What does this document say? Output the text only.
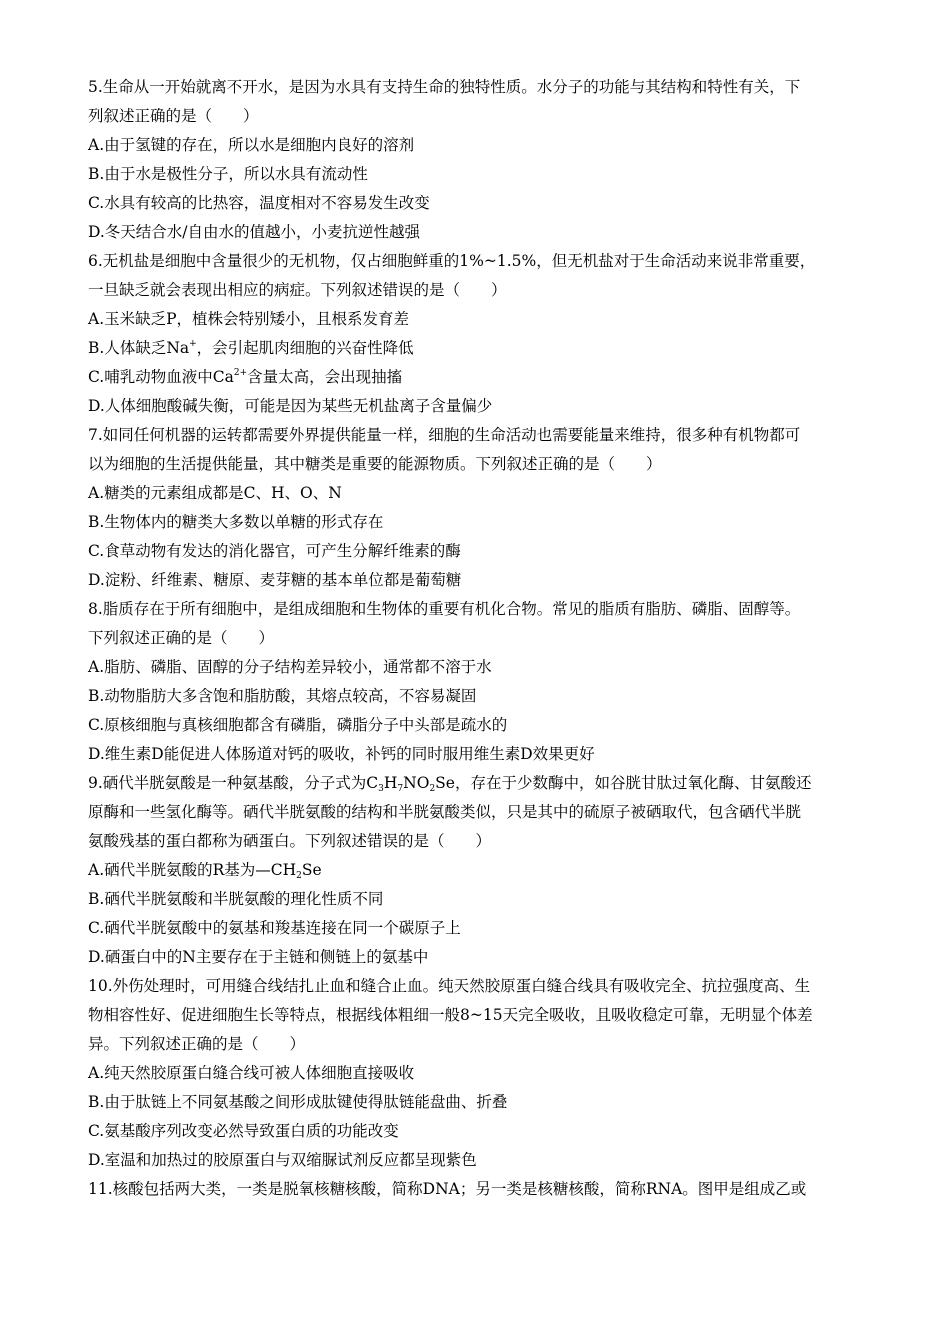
5.生命从一开始就离不开水，是因为水具有支持生命的独特性质。水分子的功能与其结构和特性有关，下
列叙述正确的是（　　）
A.由于氢键的存在，所以水是细胞内良好的溶剂
B.由于水是极性分子，所以水具有流动性
C.水具有较高的比热容，温度相对不容易发生改变
D.冬天结合水/自由水的值越小，小麦抗逆性越强
6.无机盐是细胞中含量很少的无机物，仅占细胞鲜重的1%~1.5%，但无机盐对于生命活动来说非常重要，
一旦缺乏就会表现出相应的病症。下列叙述错误的是（　　）
A.玉米缺乏P，植株会特别矮小，且根系发育差
B.人体缺乏Na+，会引起肌肉细胞的兴奋性降低
C.哺乳动物血液中$Ca^{2+}$含量太高，会出现抽搐
D.人体细胞酸碱失衡，可能是因为某些无机盐离子含量偏少
7.如同任何机器的运转都需要外界提供能量一样，细胞的生命活动也需要能量来维持，很多种有机物都可
以为细胞的生活提供能量，其中糖类是重要的能源物质。下列叙述正确的是（　　）
A.糖类的元素组成都是C、H、O、N
B.生物体内的糖类大多数以单糖的形式存在
C.食草动物有发达的消化器官，可产生分解纤维素的酶
D.淀粉、纤维素、糖原、麦芽糖的基本单位都是葡萄糖
8.脂质存在于所有细胞中，是组成细胞和生物体的重要有机化合物。常见的脂质有脂肪、磷脂、固醇等。
下列叙述正确的是（　　）
A.脂肪、磷脂、固醇的分子结构差异较小，通常都不溶于水
B.动物脂肪大多含饱和脂肪酸，其熔点较高，不容易凝固
C.原核细胞与真核细胞都含有磷脂，磷脂分子中头部是疏水的
D.维生素D能促进人体肠道对钙的吸收，补钙的同时服用维生素D效果更好
9.硒代半胱氨酸是一种氨基酸，分子式为$C_3H_7NO_2Se$，存在于少数酶中，如谷胱甘肽过氧化酶、甘氨酸还
原酶和一些氢化酶等。硒代半胱氨酸的结构和半胱氨酸类似，只是其中的硫原子被硒取代，包含硒代半胱
氨酸残基的蛋白都称为硒蛋白。下列叙述错误的是（　　）
A.硒代半胱氨酸的R基为$—CH_2Se$
B.硒代半胱氨酸和半胱氨酸的理化性质不同
C.硒代半胱氨酸中的氨基和羧基连接在同一个碳原子上
D.硒蛋白中的N主要存在于主链和侧链上的氨基中
10.外伤处理时，可用缝合线结扎止血和缝合止血。纯天然胶原蛋白缝合线具有吸收完全、抗拉强度高、生
物相容性好、促进细胞生长等特点，根据线体粗细一般8~15天完全吸收，且吸收稳定可靠，无明显个体差
异。下列叙述正确的是（　　）
A.纯天然胶原蛋白缝合线可被人体细胞直接吸收
B.由于肽链上不同氨基酸之间形成肽键使得肽链能盘曲、折叠
C.氨基酸序列改变必然导致蛋白质的功能改变
D.室温和加热过的胶原蛋白与双缩脲试剂反应都呈现紫色
11.核酸包括两大类，一类是脱氧核糖核酸，简称DNA；另一类是核糖核酸，简称RNA。图甲是组成乙或
